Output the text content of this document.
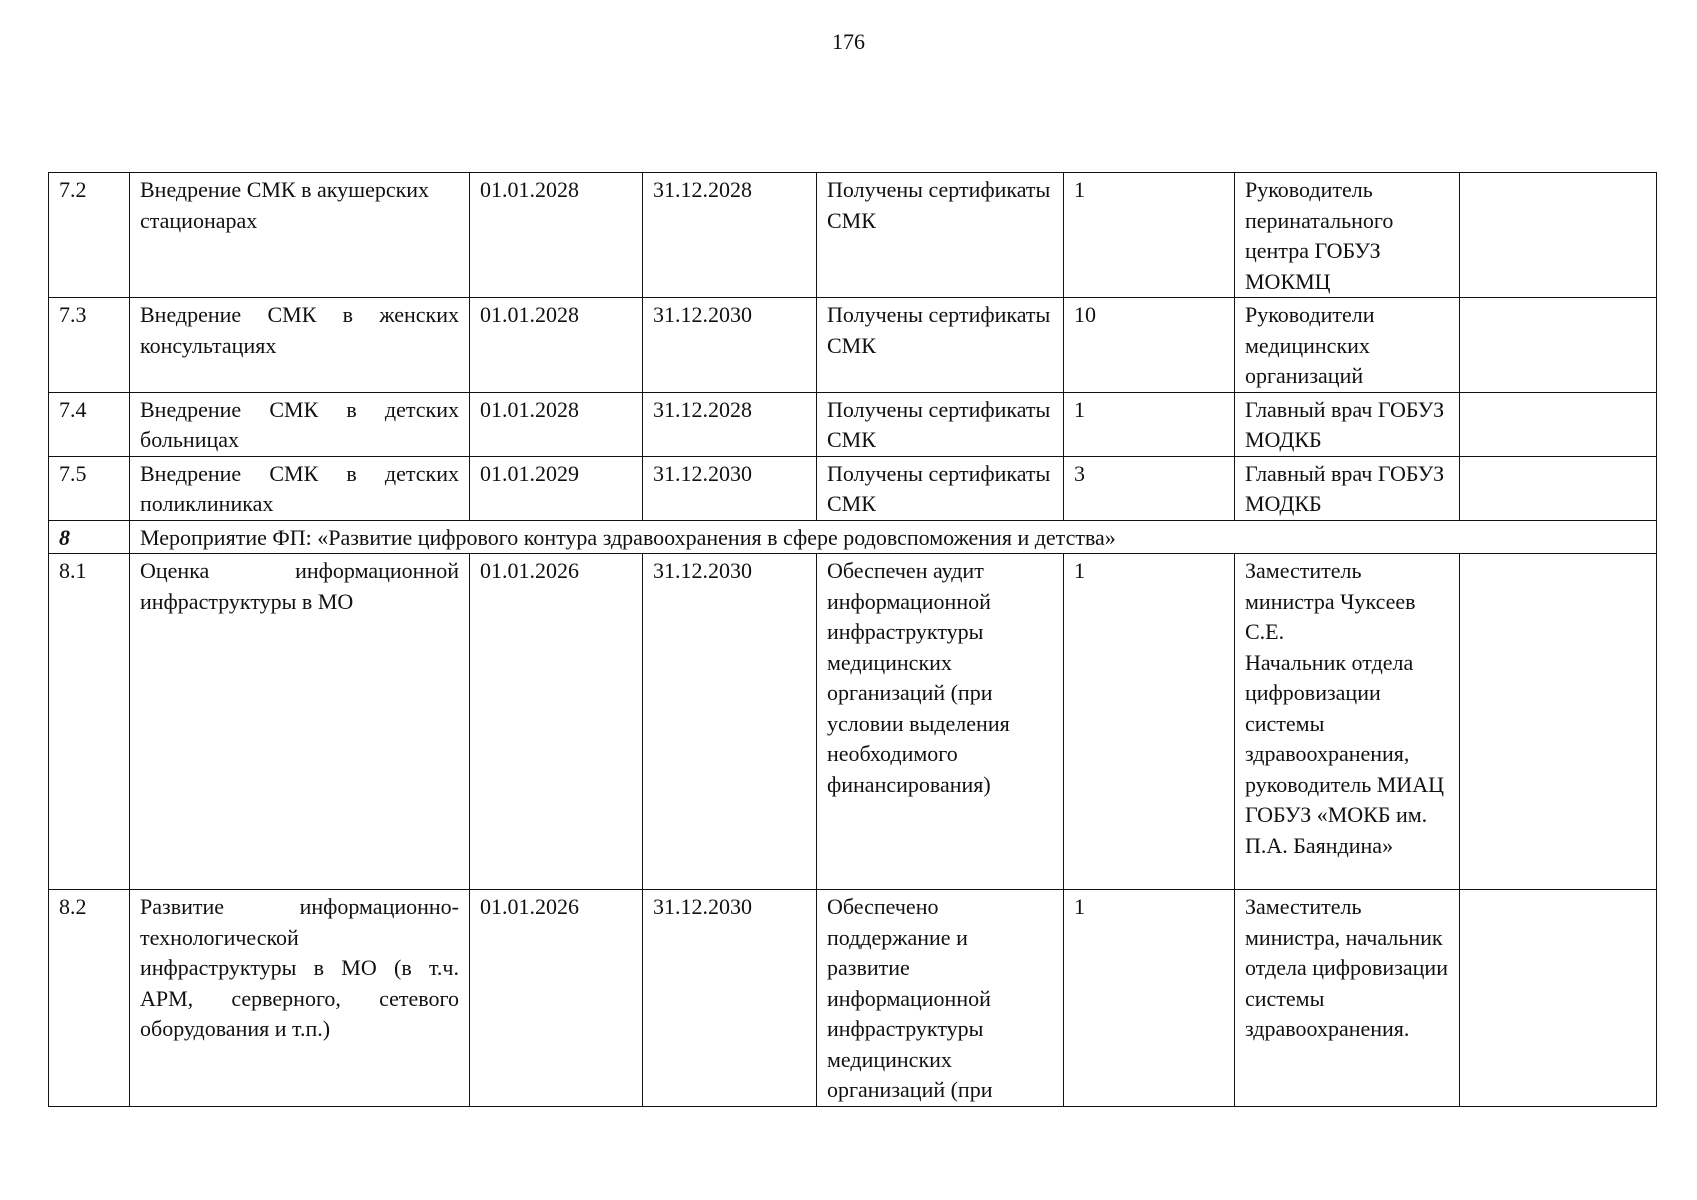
176
7.2	Внедрение СМК в акушерских стационарах	01.01.2028	31.12.2028	Получены сертификаты СМК	1	Руководитель перинатального центра ГОБУЗ МОКМЦ	
7.3	Внедрение СМК в женских консультациях	01.01.2028	31.12.2030	Получены сертификаты СМК	10	Руководители медицинских организаций	
7.4	Внедрение СМК в детских больницах	01.01.2028	31.12.2028	Получены сертификаты СМК	1	Главный врач ГОБУЗ МОДКБ	
7.5	Внедрение СМК в детских поликлиниках	01.01.2029	31.12.2030	Получены сертификаты СМК	3	Главный врач ГОБУЗ МОДКБ	
8	Мероприятие ФП: «Развитие цифрового контура здравоохранения в сфере родовспоможения и детства»						
8.1	Оценка информационной инфраструктуры в МО	01.01.2026	31.12.2030	Обеспечен аудит информационной инфраструктуры медицинских организаций (при условии выделения необходимого финансирования)	1	Заместитель министра Чуксеев С.Е.
Начальник отдела цифровизации системы здравоохранения, руководитель МИАЦ ГОБУЗ «МОКБ им. П.А. Баяндина»	

8.2	Развитие информационно-технологической инфраструктуры в МО (в т.ч. АРМ, серверного, сетевого оборудования и т.п.)	01.01.2026	31.12.2030	Обеспечено поддержание и развитие информационной инфраструктуры медицинских организаций (при	1	Заместитель министра, начальник отдела цифровизации системы здравоохранения.	
